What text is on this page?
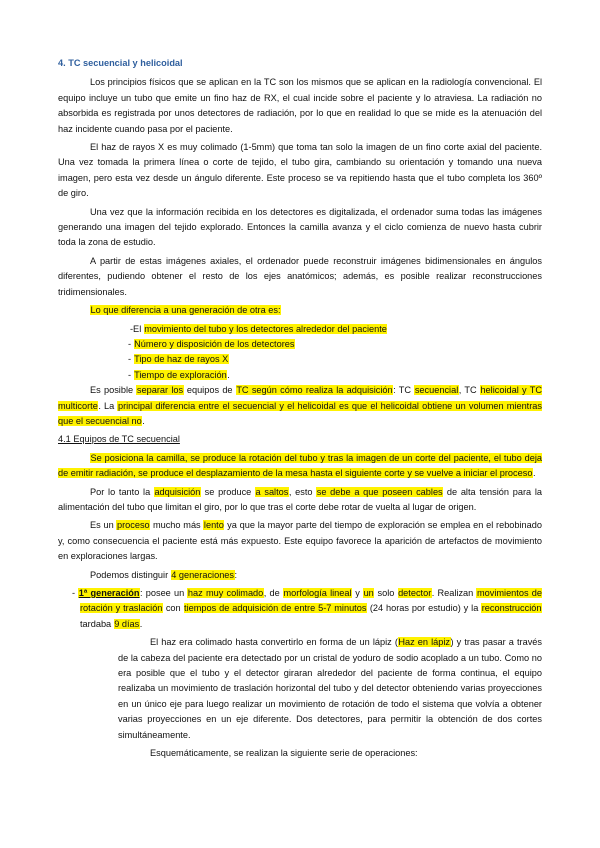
4. TC secuencial y helicoidal

Los principios físicos que se aplican en la TC son los mismos que se aplican en la radiología convencional. El equipo incluye un tubo que emite un fino haz de RX, el cual incide sobre el paciente y lo atraviesa. La radiación no absorbida es registrada por unos detectores de radiación, por lo que en realidad lo que se mide es la atenuación del haz incidente cuando pasa por el paciente.

El haz de rayos X es muy colimado (1-5mm) que toma tan solo la imagen de un fino corte axial del paciente. Una vez tomada la primera línea o corte de tejido, el tubo gira, cambiando su orientación y tomando una nueva imagen, pero esta vez desde un ángulo diferente. Este proceso se va repitiendo hasta que el tubo completa los 360º de giro.

Una vez que la información recibida en los detectores es digitalizada, el ordenador suma todas las imágenes generando una imagen del tejido explorado. Entonces la camilla avanza y el ciclo comienza de nuevo hasta cubrir toda la zona de estudio.

A partir de estas imágenes axiales, el ordenador puede reconstruir imágenes bidimensionales en ángulos diferentes, pudiendo obtener el resto de los ejes anatómicos; además, es posible realizar reconstrucciones tridimensionales.

Lo que diferencia a una generación de otra es:

-El movimiento del tubo y los detectores alrededor del paciente

- Número y disposición de los detectores

- Tipo de haz de rayos X

- Tiempo de exploración.

Es posible separar los equipos de TC según cómo realiza la adquisición: TC secuencial, TC helicoidal y TC multicorte. La principal diferencia entre el secuencial y el helicoidal es que el helicoidal obtiene un volumen mientras que el secuencial no.

4.1 Equipos de TC secuencial

Se posiciona la camilla, se produce la rotación del tubo y tras la imagen de un corte del paciente, el tubo deja de emitir radiación, se produce el desplazamiento de la mesa hasta el siguiente corte y se vuelve a iniciar el proceso.

Por lo tanto la adquisición se produce a saltos, esto se debe a que poseen cables de alta tensión para la alimentación del tubo que limitan el giro, por lo que tras el corte debe rotar de vuelta al lugar de origen.

Es un proceso mucho más lento ya que la mayor parte del tiempo de exploración se emplea en el rebobinado y, como consecuencia el paciente está más expuesto. Este equipo favorece la aparición de artefactos de movimiento en exploraciones largas.

Podemos distinguir 4 generaciones:

- 1ª generación: posee un haz muy colimado, de morfología lineal y un solo detector. Realizan movimientos de rotación y traslación con tiempos de adquisición de entre 5-7 minutos (24 horas por estudio) y la reconstrucción tardaba 9 días.

El haz era colimado hasta convertirlo en forma de un lápiz (Haz en lápiz) y tras pasar a través de la cabeza del paciente era detectado por un cristal de yoduro de sodio acoplado a un tubo. Como no era posible que el tubo y el detector giraran alrededor del paciente de forma continua, el equipo realizaba un movimiento de traslación horizontal del tubo y del detector obteniendo varias proyecciones en un único eje para luego realizar un movimiento de rotación de todo el sistema que volvía a obtener varias proyecciones en un eje diferente. Dos detectores, para permitir la obtención de dos cortes simultáneamente.

Esquemáticamente, se realizan la siguiente serie de operaciones:
